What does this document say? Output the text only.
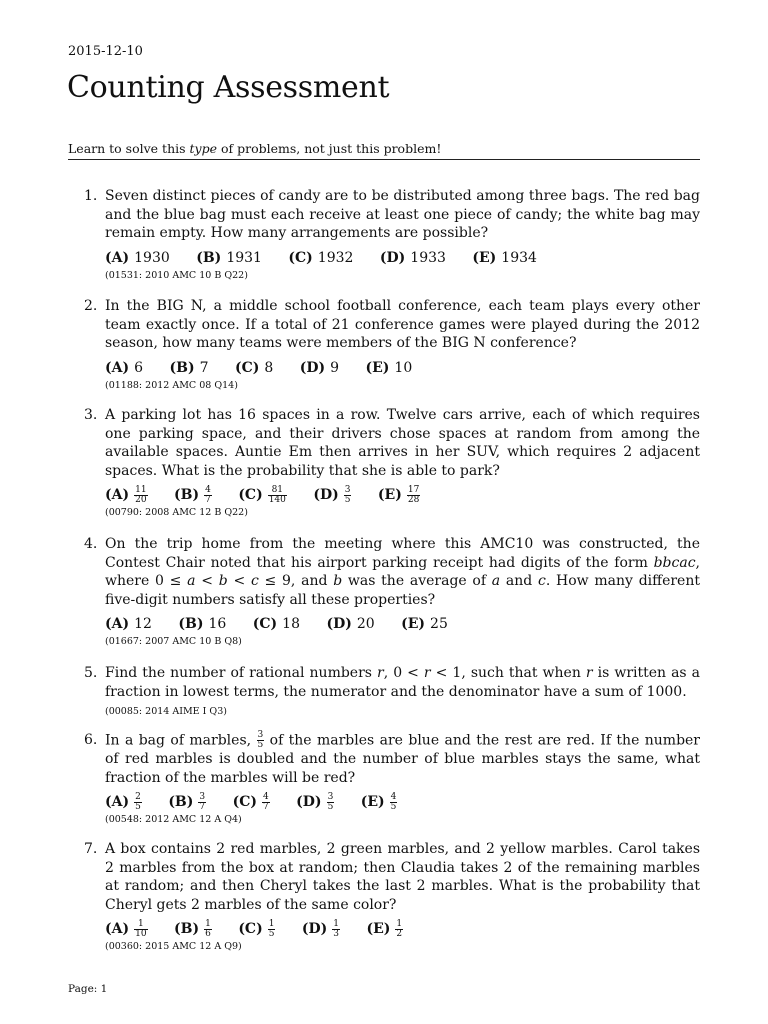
2015-12-10
Counting Assessment
Learn to solve this type of problems, not just this problem!
1. Seven distinct pieces of candy are to be distributed among three bags. The red bag and the blue bag must each receive at least one piece of candy; the white bag may remain empty. How many arrangements are possible?
(A) 1930 (B) 1931 (C) 1932 (D) 1933 (E) 1934
(01531: 2010 AMC 10 B Q22)
2. In the BIG N, a middle school football conference, each team plays every other team exactly once. If a total of 21 conference games were played during the 2012 season, how many teams were members of the BIG N conference?
(A) 6 (B) 7 (C) 8 (D) 9 (E) 10
(01188: 2012 AMC 08 Q14)
3. A parking lot has 16 spaces in a row. Twelve cars arrive, each of which requires one parking space, and their drivers chose spaces at random from among the available spaces. Auntie Em then arrives in her SUV, which requires 2 adjacent spaces. What is the probability that she is able to park?
$(A) \frac{11}{20} (B) \frac{4}{7} (C) \frac{81}{140} (D) \frac{3}{5} (E) \frac{17}{28}$
(00790: 2008 AMC 12 B Q22)
4. On the trip home from the meeting where this AMC10 was constructed, the Contest Chair noted that his airport parking receipt had digits of the form bbcac, where 0 ≤ a < b < c ≤ 9, and b was the average of a and c. How many different five-digit numbers satisfy all these properties?
(A) 12 (B) 16 (C) 18 (D) 20 (E) 25
(01667: 2007 AMC 10 B Q8)
5. Find the number of rational numbers r, 0 < r < 1, such that when r is written as a fraction in lowest terms, the numerator and the denominator have a sum of 1000.
(00085: 2014 AIME I Q3)
6. In a bag of marbles, $\frac{3}{5}$ of the marbles are blue and the rest are red. If the number of red marbles is doubled and the number of blue marbles stays the same, what fraction of the marbles will be red?
$(A) \frac{2}{5} (B) \frac{3}{7} (C) \frac{4}{7} (D) \frac{3}{5} (E) \frac{4}{5}$
(00548: 2012 AMC 12 A Q4)
7. A box contains 2 red marbles, 2 green marbles, and 2 yellow marbles. Carol takes 2 marbles from the box at random; then Claudia takes 2 of the remaining marbles at random; and then Cheryl takes the last 2 marbles. What is the probability that Cheryl gets 2 marbles of the same color?
$(A) \frac{1}{10} (B) \frac{1}{6} (C) \frac{1}{5} (D) \frac{1}{3} (E) \frac{1}{2}$
(00360: 2015 AMC 12 A Q9)
Page: 1
